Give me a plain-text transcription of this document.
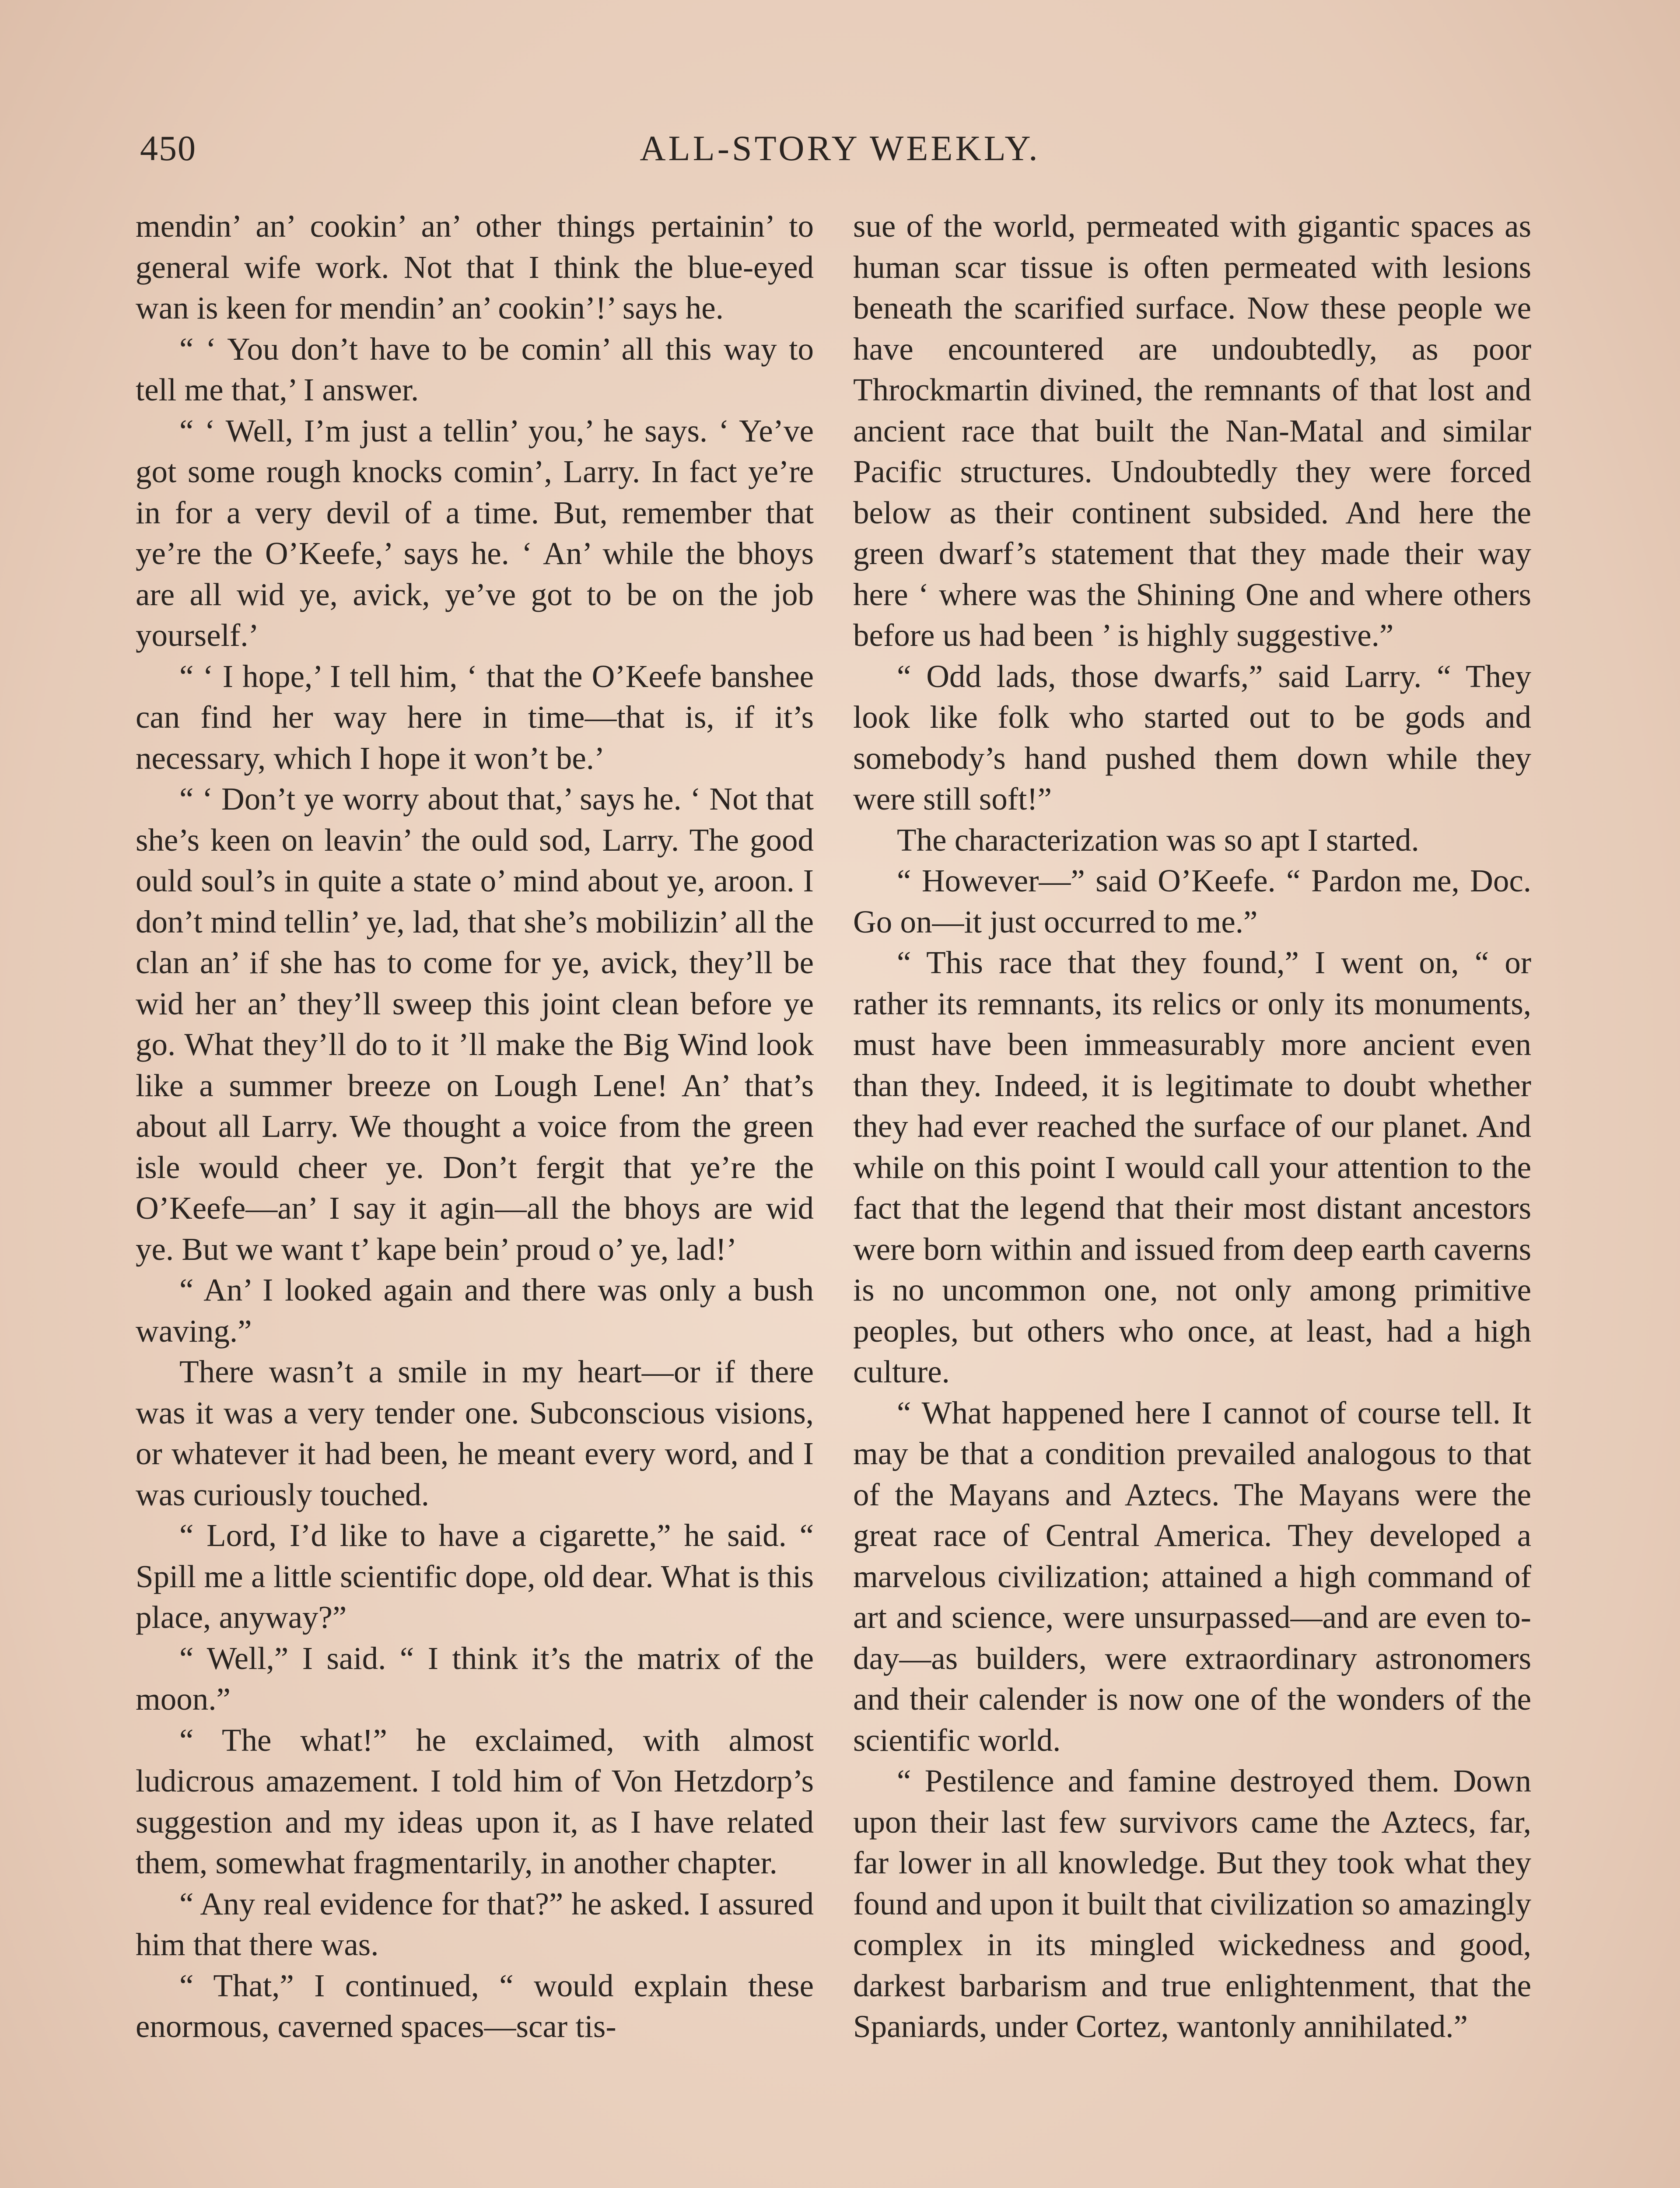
450	ALL-STORY WEEKLY.

mendin’ an’ cookin’ an’ other things pertainin’ to general wife work. Not that I think the blue-eyed wan is keen for mendin’ an’ cookin’!’ says he.

“ ‘ You don’t have to be comin’ all this way to tell me that,’ I answer.

“ ‘ Well, I’m just a tellin’ you,’ he says. ‘ Ye’ve got some rough knocks comin’, Larry. In fact ye’re in for a very devil of a time. But, remember that ye’re the O’Keefe,’ says he. ‘ An’ while the bhoys are all wid ye, avick, ye’ve got to be on the job yourself.’

“ ‘ I hope,’ I tell him, ‘ that the O’Keefe banshee can find her way here in time—that is, if it’s necessary, which I hope it won’t be.’

“ ‘ Don’t ye worry about that,’ says he. ‘ Not that she’s keen on leavin’ the ould sod, Larry. The good ould soul’s in quite a state o’ mind about ye, aroon. I don’t mind tellin’ ye, lad, that she’s mobilizin’ all the clan an’ if she has to come for ye, avick, they’ll be wid her an’ they’ll sweep this joint clean before ye go. What they’ll do to it ’ll make the Big Wind look like a summer breeze on Lough Lene! An’ that’s about all Larry. We thought a voice from the green isle would cheer ye. Don’t fergit that ye’re the O’Keefe—an’ I say it agin—all the bhoys are wid ye. But we want t’ kape bein’ proud o’ ye, lad!’

“ An’ I looked again and there was only a bush waving.”

There wasn’t a smile in my heart—or if there was it was a very tender one. Subconscious visions, or whatever it had been, he meant every word, and I was curiously touched.

“ Lord, I’d like to have a cigarette,” he said. “ Spill me a little scientific dope, old dear. What is this place, anyway?”

“ Well,” I said. “ I think it’s the matrix of the moon.”

“ The what!” he exclaimed, with almost ludicrous amazement. I told him of Von Hetzdorp’s suggestion and my ideas upon it, as I have related them, somewhat fragmentarily, in another chapter.

“ Any real evidence for that?” he asked. I assured him that there was.

“ That,” I continued, “ would explain these enormous, caverned spaces—scar tis-

sue of the world, permeated with gigantic spaces as human scar tissue is often permeated with lesions beneath the scarified surface. Now these people we have encountered are undoubtedly, as poor Throckmartin divined, the remnants of that lost and ancient race that built the Nan-Matal and similar Pacific structures. Undoubtedly they were forced below as their continent subsided. And here the green dwarf’s statement that they made their way here ‘ where was the Shining One and where others before us had been ’ is highly suggestive.”

“ Odd lads, those dwarfs,” said Larry. “ They look like folk who started out to be gods and somebody’s hand pushed them down while they were still soft!”

The characterization was so apt I started.

“ However—” said O’Keefe. “ Pardon me, Doc. Go on—it just occurred to me.”

“ This race that they found,” I went on, “ or rather its remnants, its relics or only its monuments, must have been immeasurably more ancient even than they. Indeed, it is legitimate to doubt whether they had ever reached the surface of our planet. And while on this point I would call your attention to the fact that the legend that their most distant ancestors were born within and issued from deep earth caverns is no uncommon one, not only among primitive peoples, but others who once, at least, had a high culture.

“ What happened here I cannot of course tell. It may be that a condition prevailed analogous to that of the Mayans and Aztecs. The Mayans were the great race of Central America. They developed a marvelous civilization; attained a high command of art and science, were unsurpassed—and are even to-day—as builders, were extraordinary astronomers and their calender is now one of the wonders of the scientific world.

“ Pestilence and famine destroyed them. Down upon their last few survivors came the Aztecs, far, far lower in all knowledge. But they took what they found and upon it built that civilization so amazingly complex in its mingled wickedness and good, darkest barbarism and true enlightenment, that the Spaniards, under Cortez, wantonly annihilated.”
